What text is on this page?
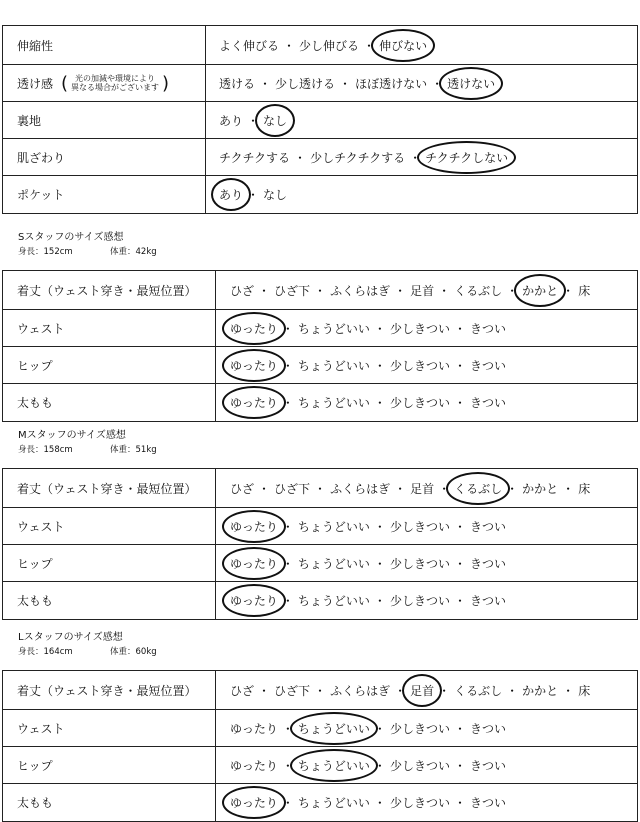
伸縮性	よく伸びる ・ 少し伸びる ・ 伸びない
透け感 ( 光の加減や環境により
異なる場合がございます )	透ける ・ 少し透ける ・ ほぼ透けない ・ 透けない
裏地	あり ・ なし
肌ざわり	チクチクする ・ 少しチクチクする ・ チクチクしない
ポケット	あり ・ なし
Sスタッフのサイズ感想
身長：152cm	体重：42kg
着丈（ウェスト穿き・最短位置）	ひざ ・ ひざ下 ・ ふくらはぎ ・ 足首 ・ くるぶし ・ かかと ・ 床
ウェスト	ゆったり ・ ちょうどいい ・ 少しきつい ・ きつい
ヒップ	ゆったり ・ ちょうどいい ・ 少しきつい ・ きつい
太もも	ゆったり ・ ちょうどいい ・ 少しきつい ・ きつい
Mスタッフのサイズ感想
身長：158cm	体重：51kg
着丈（ウェスト穿き・最短位置）	ひざ ・ ひざ下 ・ ふくらはぎ ・ 足首 ・ くるぶし ・ かかと ・ 床
ウェスト	ゆったり ・ ちょうどいい ・ 少しきつい ・ きつい
ヒップ	ゆったり ・ ちょうどいい ・ 少しきつい ・ きつい
太もも	ゆったり ・ ちょうどいい ・ 少しきつい ・ きつい
Lスタッフのサイズ感想
身長：164cm	体重：60kg
着丈（ウェスト穿き・最短位置）	ひざ ・ ひざ下 ・ ふくらはぎ ・ 足首 ・ くるぶし ・ かかと ・ 床
ウェスト	ゆったり ・ ちょうどいい ・ 少しきつい ・ きつい
ヒップ	ゆったり ・ ちょうどいい ・ 少しきつい ・ きつい
太もも	ゆったり ・ ちょうどいい ・ 少しきつい ・ きつい
